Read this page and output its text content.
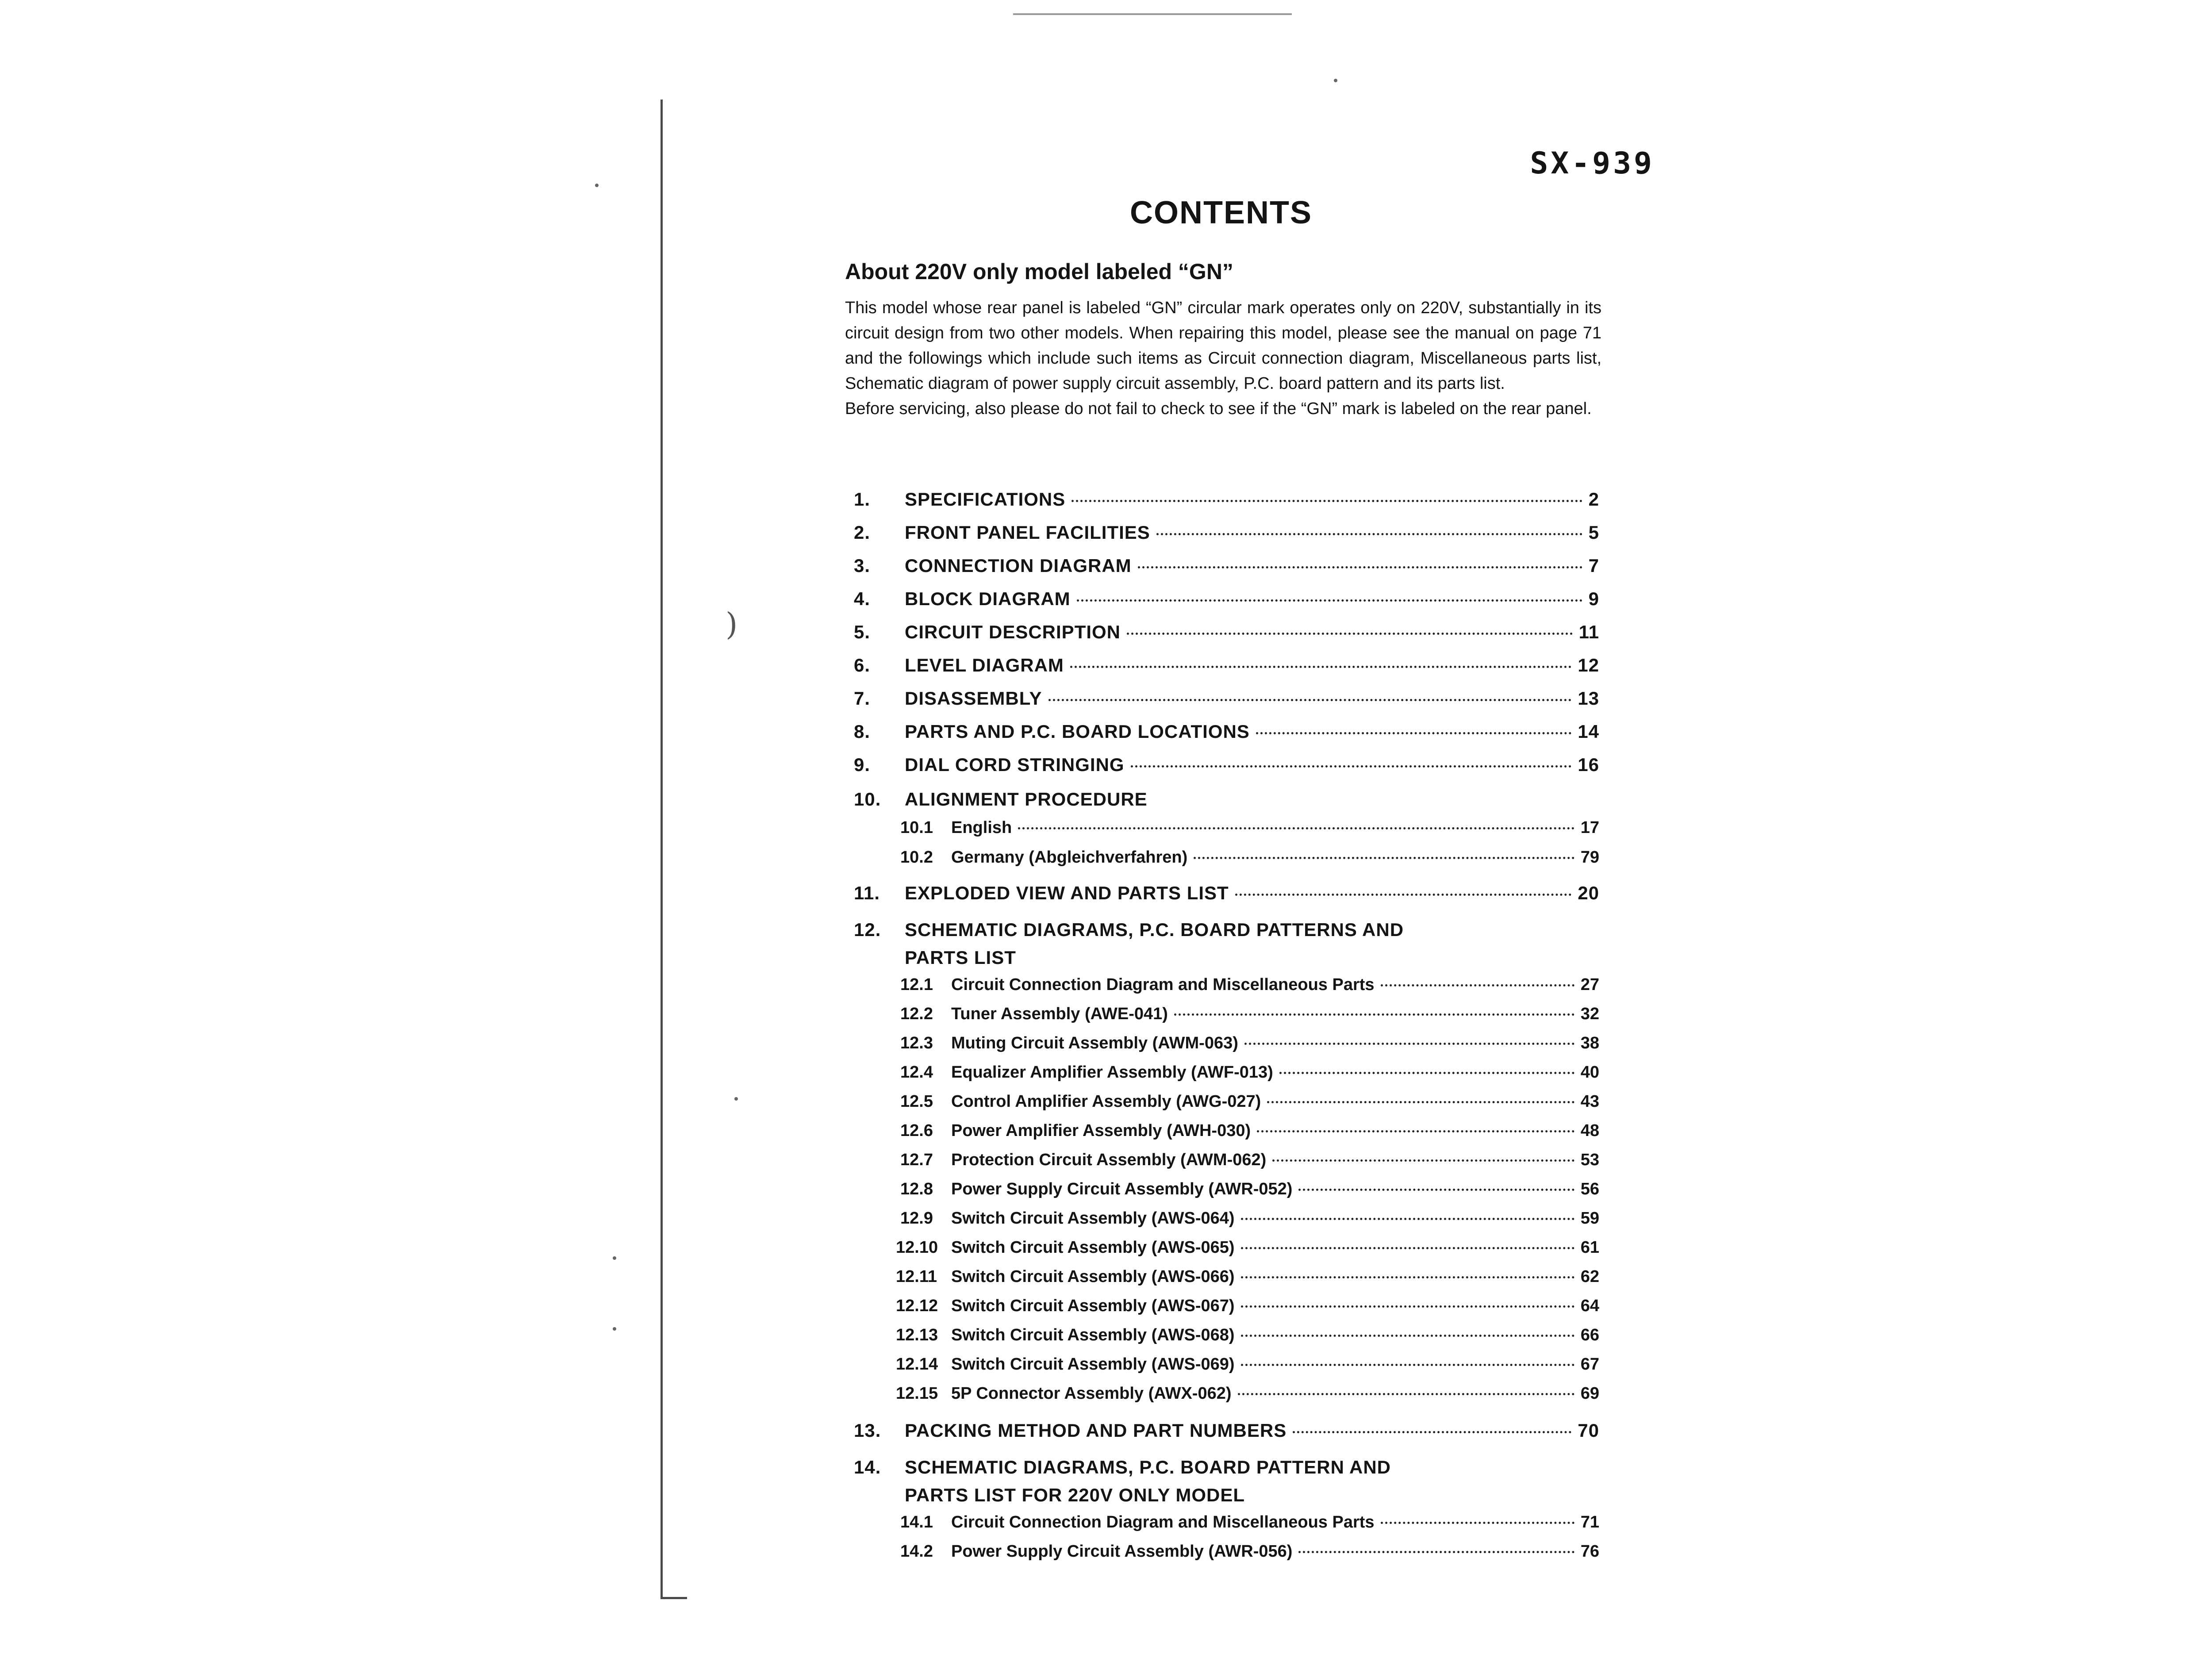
)
SX-939
CONTENTS
About 220V only model labeled “GN”

This model whose rear panel is labeled “GN” circular mark operates only on 220V, substantially in its circuit design from two other models. When repairing this model, please see the manual on page 71 and the followings which include such items as Circuit connection diagram, Miscellaneous parts list, Schematic diagram of power supply circuit assembly, P.C. board pattern and its parts list.

Before servicing, also please do not fail to check to see if the “GN” mark is labeled on the rear panel.

1.	SPECIFICATIONS	2
2.	FRONT PANEL FACILITIES	5
3.	CONNECTION DIAGRAM	7
4.	BLOCK DIAGRAM	9
5.	CIRCUIT DESCRIPTION	11
6.	LEVEL DIAGRAM	12
7.	DISASSEMBLY	13
8.	PARTS AND P.C. BOARD LOCATIONS	14
9.	DIAL CORD STRINGING	16
10.	ALIGNMENT PROCEDURE
10.1	English	17
10.2	Germany (Abgleichverfahren)	79
11.	EXPLODED VIEW AND PARTS LIST	20
12.	SCHEMATIC DIAGRAMS, P.C. BOARD PATTERNS AND
PARTS LIST
12.1	Circuit Connection Diagram and Miscellaneous Parts	27
12.2	Tuner Assembly (AWE-041)	32
12.3	Muting Circuit Assembly (AWM-063)	38
12.4	Equalizer Amplifier Assembly (AWF-013)	40
12.5	Control Amplifier Assembly (AWG-027)	43
12.6	Power Amplifier Assembly (AWH-030)	48
12.7	Protection Circuit Assembly (AWM-062)	53
12.8	Power Supply Circuit Assembly (AWR-052)	56
12.9	Switch Circuit Assembly (AWS-064)	59
12.10 Switch Circuit Assembly (AWS-065)	61
12.11 Switch Circuit Assembly (AWS-066)	62
12.12 Switch Circuit Assembly (AWS-067)	64
12.13 Switch Circuit Assembly (AWS-068)	66
12.14 Switch Circuit Assembly (AWS-069)	67
12.15 5P Connector Assembly (AWX-062)	69
13.	PACKING METHOD AND PART NUMBERS	70
14.	SCHEMATIC DIAGRAMS, P.C. BOARD PATTERN AND
PARTS LIST FOR 220V ONLY MODEL
14.1	Circuit Connection Diagram and Miscellaneous Parts	71
14.2	Power Supply Circuit Assembly (AWR-056)	76
